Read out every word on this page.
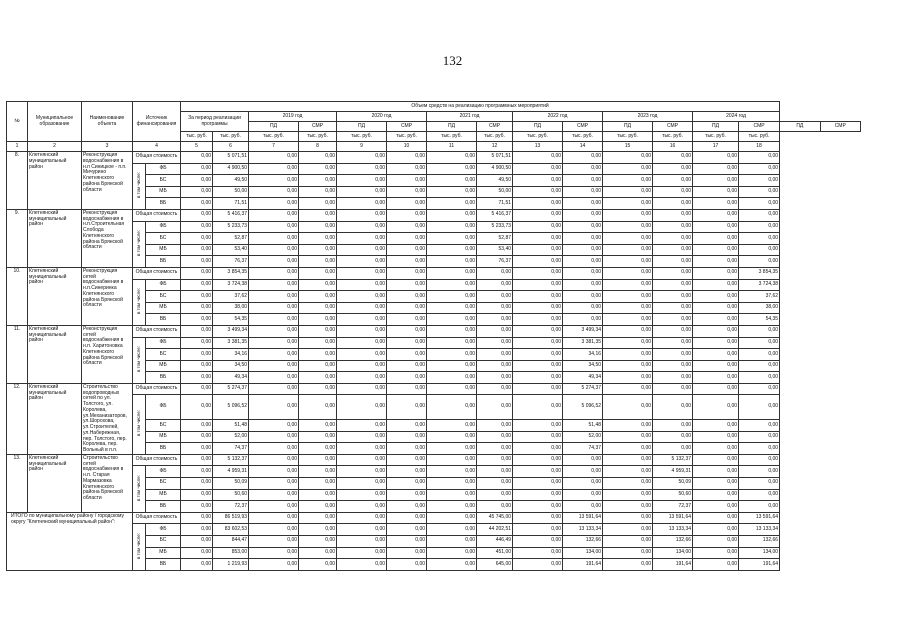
132
№	Муниципальное образование	Наименование объекта	Источник финансирования		Объем средств на реализацию программных мероприятий															
					За период реализации программы		2019 год		2020 год		2021 год		2022 год		2023 год		2024 год			
							ПД	СМР	ПД	СМР	ПД	СМР	ПД	СМР	ПД	СМР	ПД	СМР	ПД	СМР
					тыс. руб.	тыс. руб.	тыс. руб.	тыс. руб.	тыс. руб.	тыс. руб.	тыс. руб.	тыс. руб.	тыс. руб.	тыс. руб.	тыс. руб.	тыс. руб.	тыс. руб.	тыс. руб.		
1	2	3	4		5	6	7	8	9	10	11	12	13	14	15	16	17	18		
8.	Клетнянский муниципальный район	Реконструкция водоснабжения в н.п Синицкое - п.п. Мичурино Клетнянского района Брянской области	Общая стоимость		0,00	5 071,51	0,00	0,00	0,00	0,00	0,00	5 071,51	0,00	0,00	0,00	0,00	0,00	0,00		
			в том числе:	ФБ	0,00	4 900,50	0,00	0,00	0,00	0,00	0,00	4 900,50	0,00	0,00	0,00	0,00	0,00	0,00		
				БС	0,00	49,50	0,00	0,00	0,00	0,00	0,00	49,50	0,00	0,00	0,00	0,00	0,00	0,00		
				МБ	0,00	50,00	0,00	0,00	0,00	0,00	0,00	50,00	0,00	0,00	0,00	0,00	0,00	0,00		
				ВБ	0,00	71,51	0,00	0,00	0,00	0,00	0,00	71,51	0,00	0,00	0,00	0,00	0,00	0,00		
9.	Клетнянский муниципальный район	Реконструкция водоснабжения в н.п.Строительная Слобода Клетнянского района Брянской области	Общая стоимость		0,00	5 416,37	0,00	0,00	0,00	0,00	0,00	5 416,37	0,00	0,00	0,00	0,00	0,00	0,00		
			в том числе:	ФБ	0,00	5 233,73	0,00	0,00	0,00	0,00	0,00	5 233,73	0,00	0,00	0,00	0,00	0,00	0,00		
				БС	0,00	52,87	0,00	0,00	0,00	0,00	0,00	52,87	0,00	0,00	0,00	0,00	0,00	0,00		
				МБ	0,00	53,40	0,00	0,00	0,00	0,00	0,00	53,40	0,00	0,00	0,00	0,00	0,00	0,00		
				ВБ	0,00	76,37	0,00	0,00	0,00	0,00	0,00	76,37	0,00	0,00	0,00	0,00	0,00	0,00		
10.	Клетнянский муниципальный район	Реконструкция сетей водоснабжения в н.п.Синеринка Клетнянского района Брянской области	Общая стоимость		0,00	3 854,35	0,00	0,00	0,00	0,00	0,00	0,00	0,00	0,00	0,00	0,00	0,00	3 854,35		
			в том числе:	ФБ	0,00	3 724,38	0,00	0,00	0,00	0,00	0,00	0,00	0,00	0,00	0,00	0,00	0,00	3 724,38		
				БС	0,00	37,62	0,00	0,00	0,00	0,00	0,00	0,00	0,00	0,00	0,00	0,00	0,00	37,62		
				МБ	0,00	38,00	0,00	0,00	0,00	0,00	0,00	0,00	0,00	0,00	0,00	0,00	0,00	38,00		
				ВБ	0,00	54,35	0,00	0,00	0,00	0,00	0,00	0,00	0,00	0,00	0,00	0,00	0,00	54,35		
11.	Клетнянский муниципальный район	Реконструкция сетей водоснабжения в н.п. Харитоновка Клетнянского района Брянской области	Общая стоимость		0,00	3 499,34	0,00	0,00	0,00	0,00	0,00	0,00	0,00	3 499,34	0,00	0,00	0,00	0,00		
			в том числе:	ФБ	0,00	3 381,35	0,00	0,00	0,00	0,00	0,00	0,00	0,00	3 381,35	0,00	0,00	0,00	0,00		
				БС	0,00	34,16	0,00	0,00	0,00	0,00	0,00	0,00	0,00	34,16	0,00	0,00	0,00	0,00		
				МБ	0,00	34,50	0,00	0,00	0,00	0,00	0,00	0,00	0,00	34,50	0,00	0,00	0,00	0,00		
				ВБ	0,00	49,34	0,00	0,00	0,00	0,00	0,00	0,00	0,00	49,34	0,00	0,00	0,00	0,00		
12.	Клетнянский муниципальный район	Строительство водопроводных сетей по ул. Толстого, ул. Королева, ул.Механизаторов, ул.Шорохова, ул.Строителей, ул.Набережная, пер. Толстого, пер. Королева, пер. Вольный в п.п.	Общая стоимость		0,00	5 274,37	0,00	0,00	0,00	0,00	0,00	0,00	0,00	5 274,37	0,00	0,00	0,00	0,00		
			в том числе:	ФБ	0,00	5 096,52	0,00	0,00	0,00	0,00	0,00	0,00	0,00	5 096,52	0,00	0,00	0,00	0,00		
				БС	0,00	51,48	0,00	0,00	0,00	0,00	0,00	0,00	0,00	51,48	0,00	0,00	0,00	0,00		
				МБ	0,00	52,00	0,00	0,00	0,00	0,00	0,00	0,00	0,00	52,00	0,00	0,00	0,00	0,00		
				ВБ	0,00	74,37	0,00	0,00	0,00	0,00	0,00	0,00	0,00	74,37	0,00	0,00	0,00	0,00		
13.	Клетнянский муниципальный район	Строительство сетей водоснабжения в н.п. Старая Мармазовка Клетнянского района Брянской области	Общая стоимость		0,00	5 132,37	0,00	0,00	0,00	0,00	0,00	0,00	0,00	0,00	0,00	5 132,37	0,00	0,00		
			в том числе:	ФБ	0,00	4 959,31	0,00	0,00	0,00	0,00	0,00	0,00	0,00	0,00	0,00	4 959,31	0,00	0,00		
				БС	0,00	50,09	0,00	0,00	0,00	0,00	0,00	0,00	0,00	0,00	0,00	50,09	0,00	0,00		
				МБ	0,00	50,60	0,00	0,00	0,00	0,00	0,00	0,00	0,00	0,00	0,00	50,60	0,00	0,00		
				ВБ	0,00	72,37	0,00	0,00	0,00	0,00	0,00	0,00	0,00	0,00	0,00	72,37	0,00	0,00		
ИТОГО по муниципальному району / городскому округу "Клетнянский муниципальный район":			Общая стоимость		0,00	86 519,93	0,00	0,00	0,00	0,00	0,00	45 745,00	0,00	13 591,64	0,00	13 591,64	0,00	13 591,64		
			в том числе:	ФБ	0,00	83 602,53	0,00	0,00	0,00	0,00	0,00	44 202,51	0,00	13 133,34	0,00	13 133,34	0,00	13 133,34		
				БС	0,00	844,47	0,00	0,00	0,00	0,00	0,00	446,49	0,00	132,66	0,00	132,66	0,00	132,66		
				МБ	0,00	853,00	0,00	0,00	0,00	0,00	0,00	451,00	0,00	134,00	0,00	134,00	0,00	134,00		
				ВБ	0,00	1 219,93	0,00	0,00	0,00	0,00	0,00	645,00	0,00	191,64	0,00	191,64	0,00	191,64		
